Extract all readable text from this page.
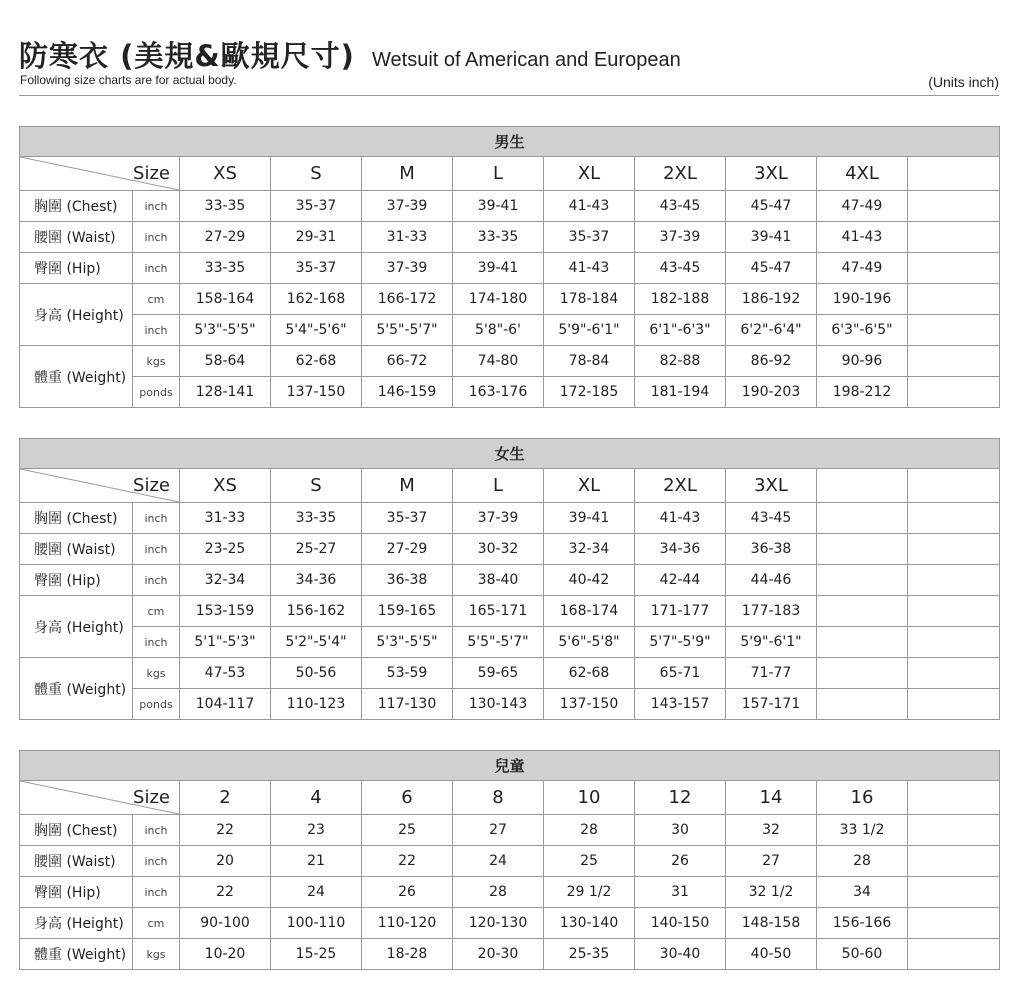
防寒衣 (美規&歐規尺寸) Wetsuit of American and European
Following size charts are for actual body.	(Units inch)
男生										

Size		XS	S	M	L	XL	2XL	3XL	4XL	
胸圍 (Chest)	inch	33-35	35-37	37-39	39-41	41-43	43-45	45-47	47-49	
腰圍 (Waist)	inch	27-29	29-31	31-33	33-35	35-37	37-39	39-41	41-43	
臀圍 (Hip)	inch	33-35	35-37	37-39	39-41	41-43	43-45	45-47	47-49	
身高 (Height)	cm	158-164	162-168	166-172	174-180	178-184	182-188	186-192	190-196	
	inch	5'3"-5'5"	5'4"-5'6"	5'5"-5'7"	5'8"-6'	5'9"-6'1"	6'1"-6'3"	6'2"-6'4"	6'3"-6'5"	
體重 (Weight)	kgs	58-64	62-68	66-72	74-80	78-84	82-88	86-92	90-96	
	ponds	128-141	137-150	146-159	163-176	172-185	181-194	190-203	198-212	
女生										

Size		XS	S	M	L	XL	2XL	3XL		
胸圍 (Chest)	inch	31-33	33-35	35-37	37-39	39-41	41-43	43-45		
腰圍 (Waist)	inch	23-25	25-27	27-29	30-32	32-34	34-36	36-38		
臀圍 (Hip)	inch	32-34	34-36	36-38	38-40	40-42	42-44	44-46		
身高 (Height)	cm	153-159	156-162	159-165	165-171	168-174	171-177	177-183		
	inch	5'1"-5'3"	5'2"-5'4"	5'3"-5'5"	5'5"-5'7"	5'6"-5'8"	5'7"-5'9"	5'9"-6'1"		
體重 (Weight)	kgs	47-53	50-56	53-59	59-65	62-68	65-71	71-77		
	ponds	104-117	110-123	117-130	130-143	137-150	143-157	157-171		
兒童										

Size		2	4	6	8	10	12	14	16	
胸圍 (Chest)	inch	22	23	25	27	28	30	32	33 1/2	
腰圍 (Waist)	inch	20	21	22	24	25	26	27	28	
臀圍 (Hip)	inch	22	24	26	28	29 1/2	31	32 1/2	34	
身高 (Height)	cm	90-100	100-110	110-120	120-130	130-140	140-150	148-158	156-166	
體重 (Weight)	kgs	10-20	15-25	18-28	20-30	25-35	30-40	40-50	50-60	
